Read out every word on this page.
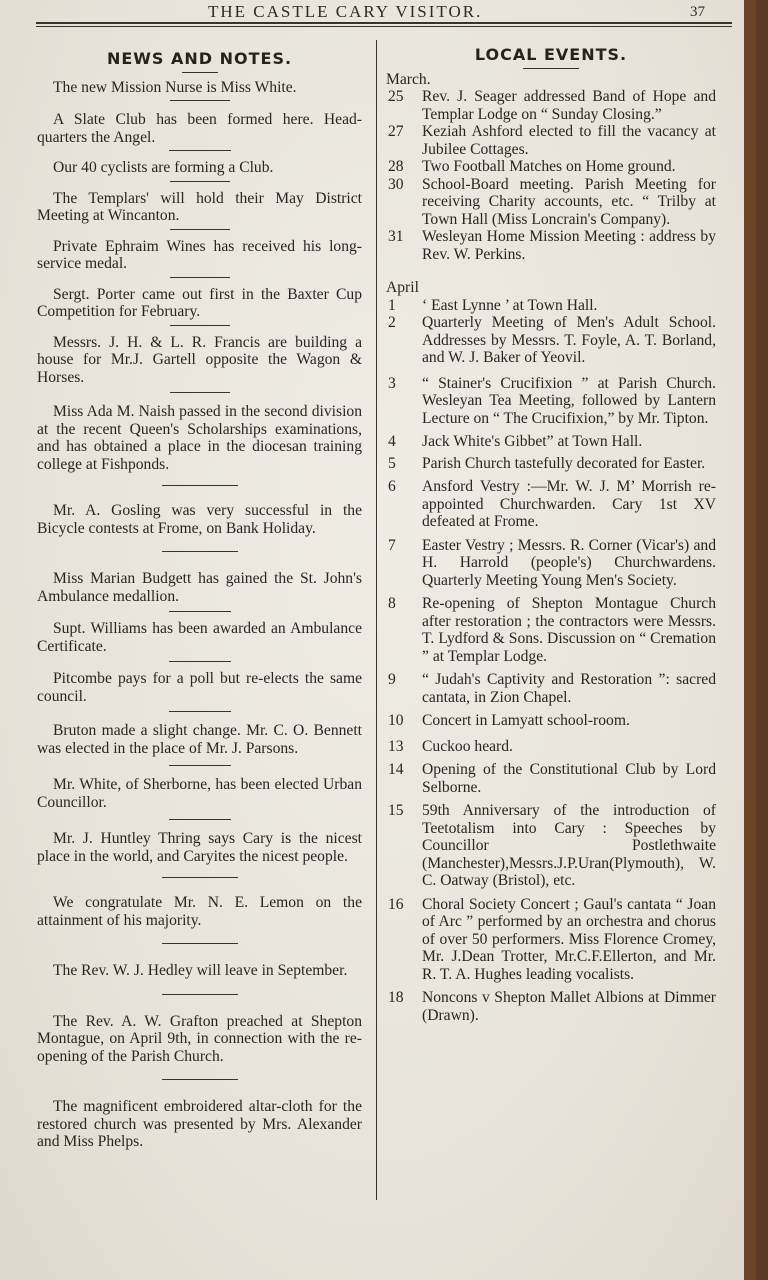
THE CASTLE CARY VISITOR.	37
NEWS AND NOTES.

The new Mission Nurse is Miss White.

A Slate Club has been formed here. Head-quarters the Angel.

Our 40 cyclists are forming a Club.

The Templars' will hold their May District Meeting at Wincanton.

Private Ephraim Wines has received his long-service medal.

Sergt. Porter came out first in the Baxter Cup Competition for February.

Messrs. J. H. & L. R. Francis are building a house for Mr.J. Gartell opposite the Wagon & Horses.

Miss Ada M. Naish passed in the second division at the recent Queen's Scholarships examinations, and has obtained a place in the diocesan training college at Fishponds.

Mr. A. Gosling was very successful in the Bicycle contests at Frome, on Bank Holiday.

Miss Marian Budgett has gained the St. John's Ambulance medallion.

Supt. Williams has been awarded an Ambulance Certificate.

Pitcombe pays for a poll but re-elects the same council.

Bruton made a slight change. Mr. C. O. Bennett was elected in the place of Mr. J. Parsons.

Mr. White, of Sherborne, has been elected Urban Councillor.

Mr. J. Huntley Thring says Cary is the nicest place in the world, and Caryites the nicest people.

We congratulate Mr. N. E. Lemon on the attainment of his majority.

The Rev. W. J. Hedley will leave in September.

The Rev. A. W. Grafton preached at Shepton Montague, on April 9th, in connection with the re-opening of the Parish Church.

The magnificent embroidered altar-cloth for the restored church was presented by Mrs. Alexander and Miss Phelps.

LOCAL EVENTS.

March.

25	Rev. J. Seager addressed Band of Hope and Templar Lodge on “ Sunday Closing.”
27	Keziah Ashford elected to fill the vacancy at Jubilee Cottages.
28	Two Football Matches on Home ground.
30	School-Board meeting. Parish Meeting for receiving Charity accounts, etc. “ Trilby at Town Hall (Miss Loncrain's Company).
31	Wesleyan Home Mission Meeting : address by Rev. W. Perkins.

April

1	‘ East Lynne ’ at Town Hall.
2	Quarterly Meeting of Men's Adult School. Addresses by Messrs. T. Foyle, A. T. Borland, and W. J. Baker of Yeovil.
3	“ Stainer's Crucifixion ” at Parish Church. Wesleyan Tea Meeting, followed by Lantern Lecture on “ The Crucifixion,” by Mr. Tipton.
4	Jack White's Gibbet” at Town Hall.
5	Parish Church tastefully decorated for Easter.
6	Ansford Vestry :—Mr. W. J. M’ Morrish re-appointed Churchwarden. Cary 1st XV defeated at Frome.
7	Easter Vestry ; Messrs. R. Corner (Vicar's) and H. Harrold (people's) Churchwardens. Quarterly Meeting Young Men's Society.
8	Re-opening of Shepton Montague Church after restoration ; the contractors were Messrs. T. Lydford & Sons. Discussion on “ Cremation ” at Templar Lodge.
9	“ Judah's Captivity and Restoration ”: sacred cantata, in Zion Chapel.
10	Concert in Lamyatt school-room.
13	Cuckoo heard.
14	Opening of the Constitutional Club by Lord Selborne.
15	59th Anniversary of the introduction of Teetotalism into Cary : Speeches by Councillor Postlethwaite (Manchester),Messrs.J.P.Uran(Plymouth), W. C. Oatway (Bristol), etc.
16	Choral Society Concert ; Gaul's cantata “ Joan of Arc ” performed by an orchestra and chorus of over 50 performers. Miss Florence Cromey, Mr. J.Dean Trotter, Mr.C.F.Ellerton, and Mr. R. T. A. Hughes leading vocalists.
18	Noncons v Shepton Mallet Albions at Dimmer (Drawn).
